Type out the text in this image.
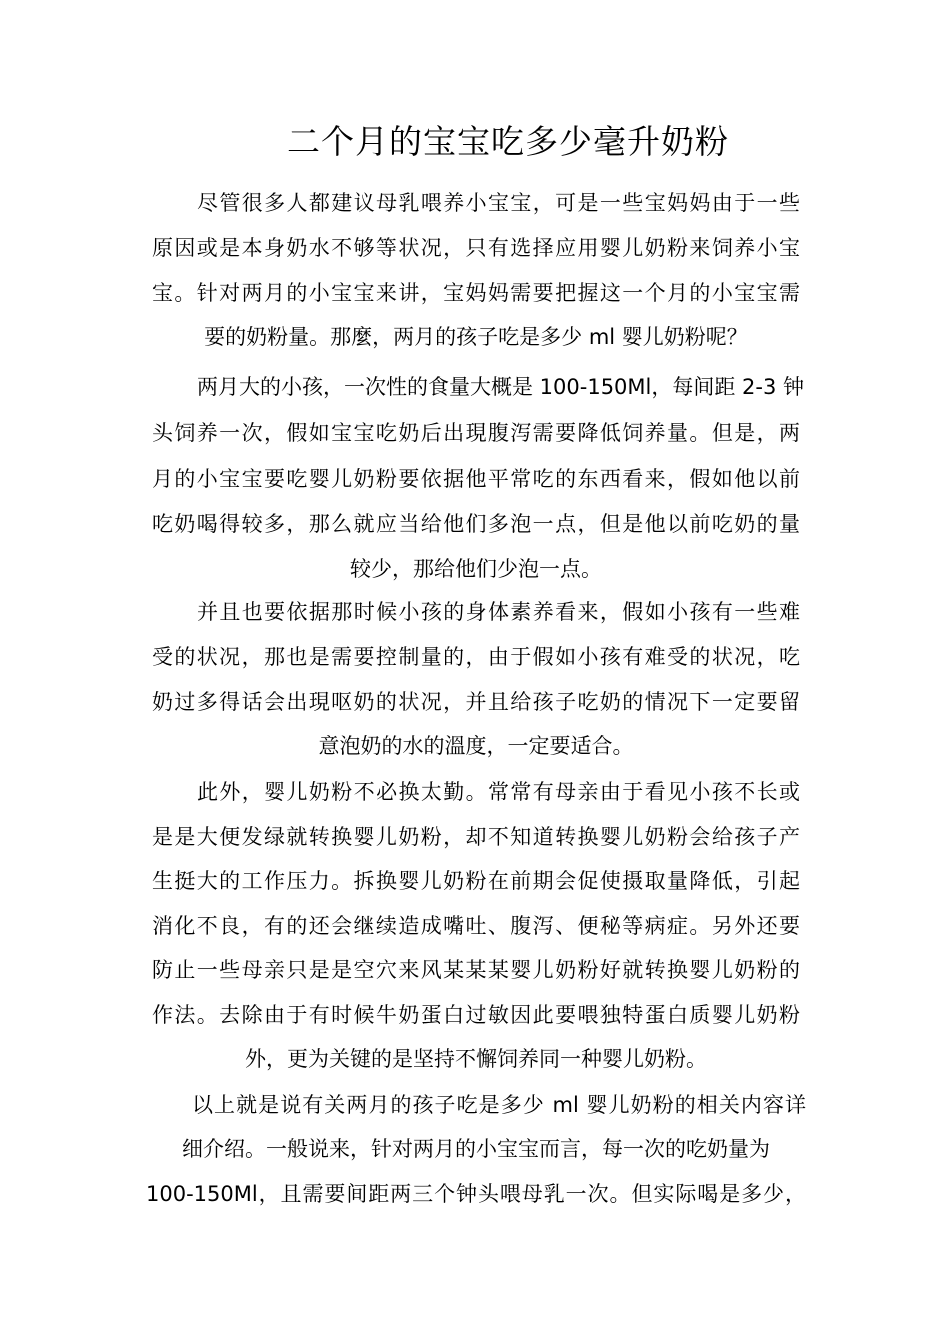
二个月的宝宝吃多少毫升奶粉
尽管很多人都建议母乳喂养小宝宝，可是一些宝妈妈由于一些
原因或是本身奶水不够等状况，只有选择应用婴儿奶粉来饲养小宝
宝。针对两月的小宝宝来讲，宝妈妈需要把握这一个月的小宝宝需
要的奶粉量。那麼，两月的孩子吃是多少 ml 婴儿奶粉呢？
两月大的小孩，一次性的食量大概是 100-150Ml，每间距 2-3 钟
头饲养一次，假如宝宝吃奶后出現腹泻需要降低饲养量。但是，两
月的小宝宝要吃婴儿奶粉要依据他平常吃的东西看来，假如他以前
吃奶喝得较多，那么就应当给他们多泡一点，但是他以前吃奶的量
较少，那给他们少泡一点。
并且也要依据那时候小孩的身体素养看来，假如小孩有一些难
受的状况，那也是需要控制量的，由于假如小孩有难受的状况，吃
奶过多得话会出現呕奶的状况，并且给孩子吃奶的情况下一定要留
意泡奶的水的溫度，一定要适合。
此外，婴儿奶粉不必换太勤。常常有母亲由于看见小孩不长或
是是大便发绿就转换婴儿奶粉，却不知道转换婴儿奶粉会给孩子产
生挺大的工作压力。拆换婴儿奶粉在前期会促使摄取量降低，引起
消化不良，有的还会继续造成嘴吐、腹泻、便秘等病症。另外还要
防止一些母亲只是是空穴来风某某某婴儿奶粉好就转换婴儿奶粉的
作法。去除由于有时候牛奶蛋白过敏因此要喂独特蛋白质婴儿奶粉
外，更为关键的是坚持不懈饲养同一种婴儿奶粉。
以上就是说有关两月的孩子吃是多少 ml 婴儿奶粉的相关内容详
细介绍。一般说来，针对两月的小宝宝而言，每一次的吃奶量为
100-150Ml，且需要间距两三个钟头喂母乳一次。但实际喝是多少，
